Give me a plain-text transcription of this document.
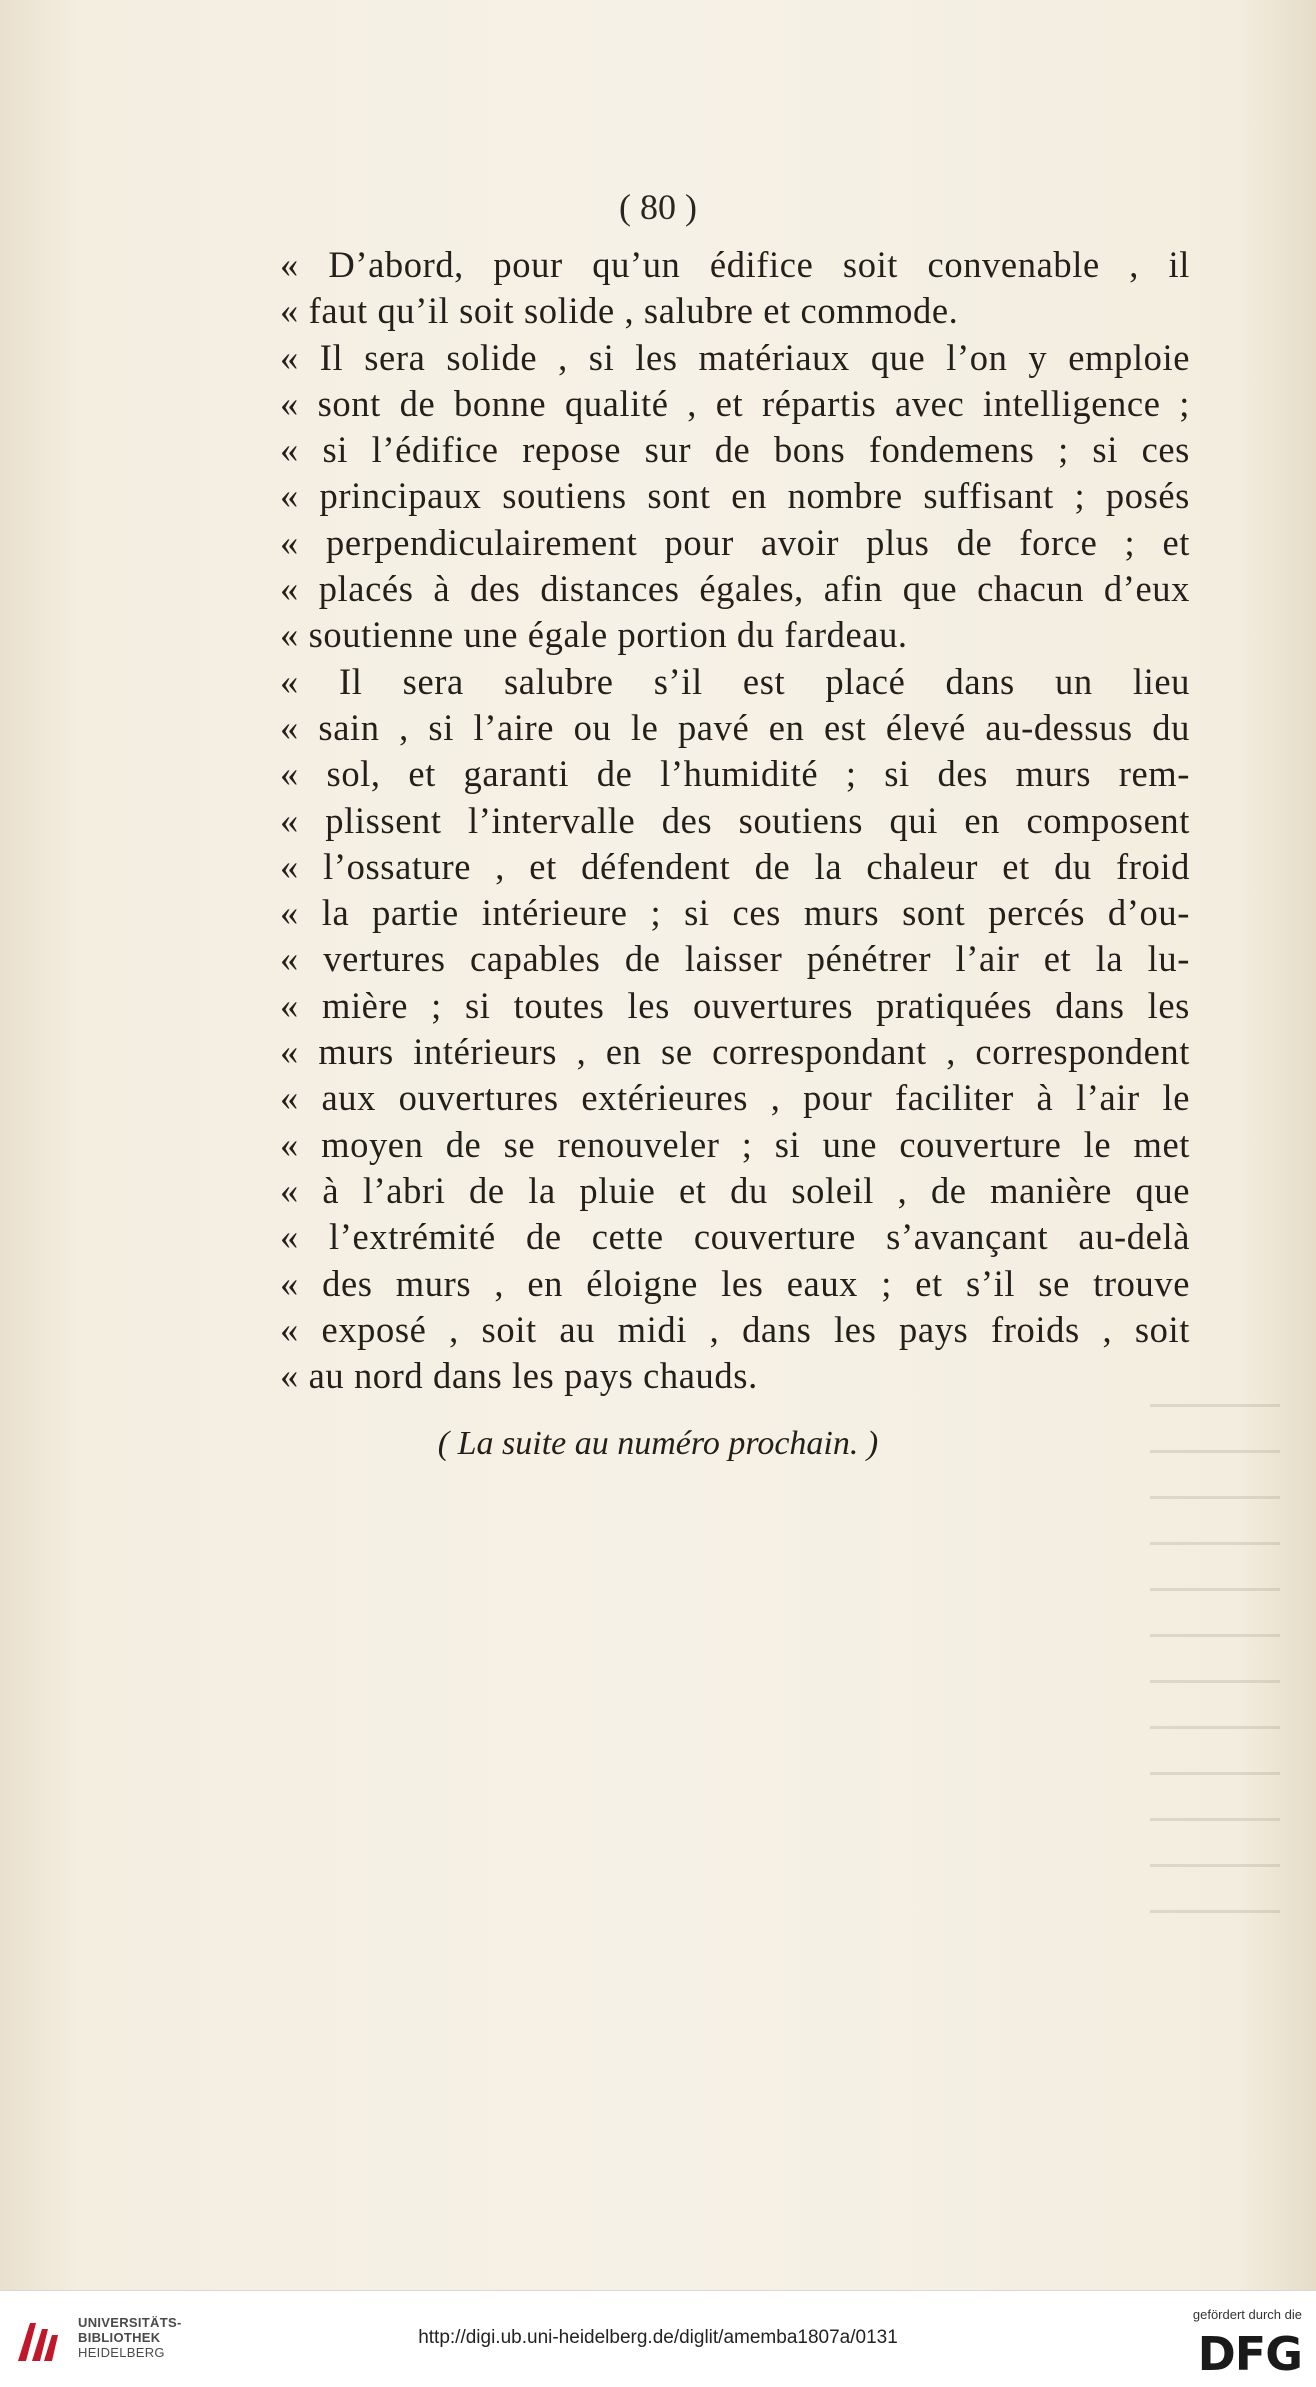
( 80 )
« D’abord, pour qu’un édifice soit convenable , il
« faut qu’il soit solide , salubre et commode.
« Il sera solide , si les matériaux que l’on y emploie
« sont de bonne qualité , et répartis avec intelligence ;
« si l’édifice repose sur de bons fondemens ; si ces
« principaux soutiens sont en nombre suffisant ; posés
« perpendiculairement pour avoir plus de force ; et
« placés à des distances égales, afin que chacun d’eux
« soutienne une égale portion du fardeau.
« Il sera salubre s’il est placé dans un lieu
« sain , si l’aire ou le pavé en est élevé au-dessus du
« sol, et garanti de l’humidité ; si des murs rem-
« plissent l’intervalle des soutiens qui en composent
« l’ossature , et défendent de la chaleur et du froid
« la partie intérieure ; si ces murs sont percés d’ou-
« vertures capables de laisser pénétrer l’air et la lu-
« mière ; si toutes les ouvertures pratiquées dans les
« murs intérieurs , en se correspondant , correspondent
« aux ouvertures extérieures , pour faciliter à l’air le
« moyen de se renouveler ; si une couverture le met
« à l’abri de la pluie et du soleil , de manière que
« l’extrémité de cette couverture s’avançant au-delà
« des murs , en éloigne les eaux ; et s’il se trouve
« exposé , soit au midi , dans les pays froids , soit
« au nord dans les pays chauds.
( La suite au numéro prochain. )
UNIVERSITÄTS-
BIBLIOTHEK
HEIDELBERG
http://digi.ub.uni-heidelberg.de/diglit/amemba1807a/0131
gefördert durch die
DFG
